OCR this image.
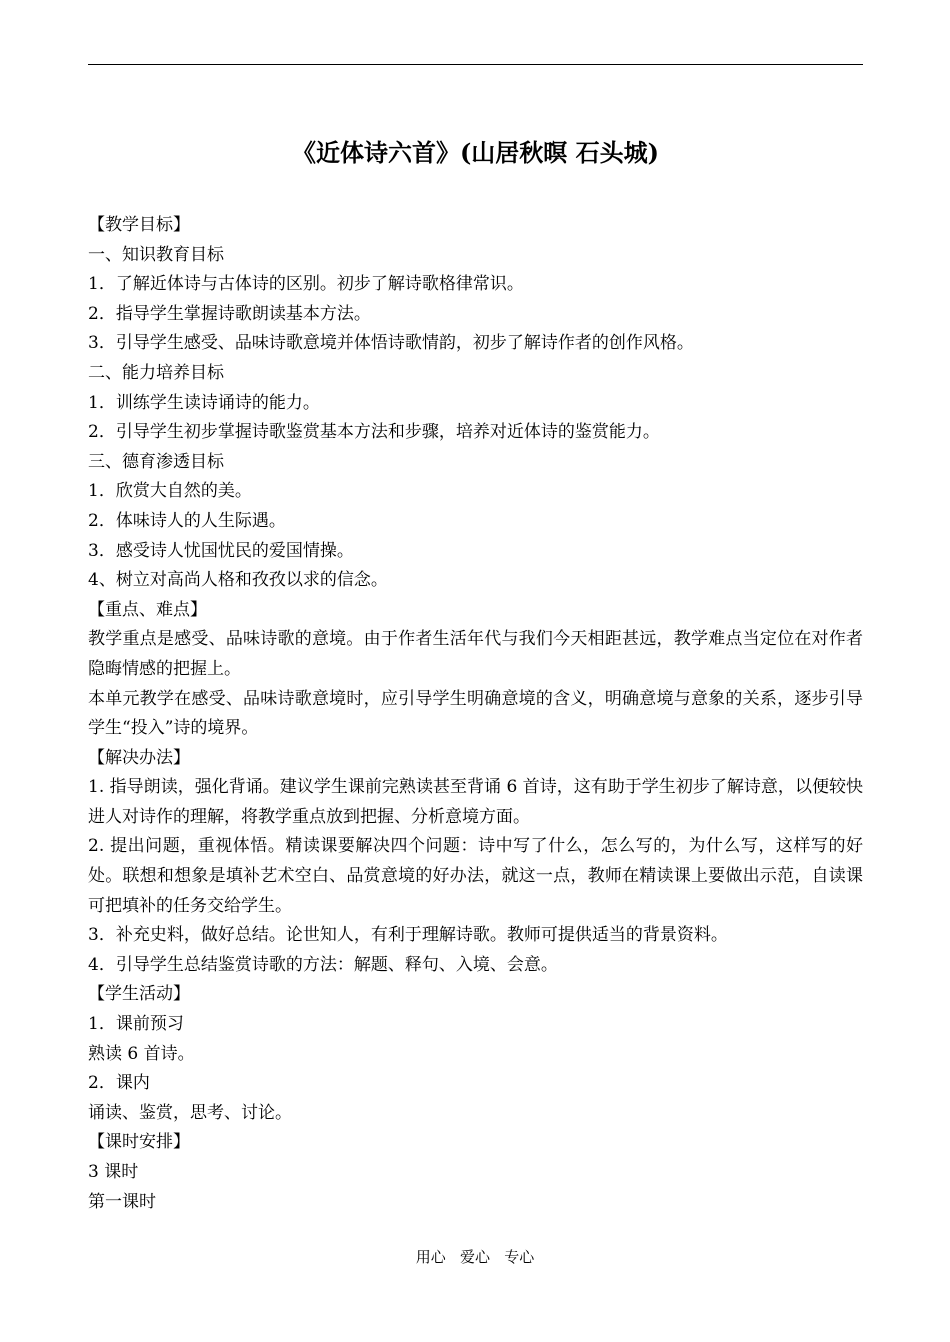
《近体诗六首》(山居秋暝 石头城)
【教学目标】
一、知识教育目标
1．了解近体诗与古体诗的区别。初步了解诗歌格律常识。
2．指导学生掌握诗歌朗读基本方法。
3．引导学生感受、品味诗歌意境并体悟诗歌情韵，初步了解诗作者的创作风格。
二、能力培养目标
1．训练学生读诗诵诗的能力。
2．引导学生初步掌握诗歌鉴赏基本方法和步骤，培养对近体诗的鉴赏能力。
三、德育渗透目标
1．欣赏大自然的美。
2．体味诗人的人生际遇。
3．感受诗人忧国忧民的爱国情操。
4、树立对高尚人格和孜孜以求的信念。
【重点、难点】
教学重点是感受、品味诗歌的意境。由于作者生活年代与我们今天相距甚远，教学难点当定位在对作者隐晦情感的把握上。
本单元教学在感受、品味诗歌意境时，应引导学生明确意境的含义，明确意境与意象的关系，逐步引导学生“投入”诗的境界。
【解决办法】
1. 指导朗读，强化背诵。建议学生课前完熟读甚至背诵 6 首诗，这有助于学生初步了解诗意，以便较快进人对诗作的理解，将教学重点放到把握、分析意境方面。
2. 提出问题，重视体悟。精读课要解决四个问题：诗中写了什么，怎么写的，为什么写，这样写的好处。联想和想象是填补艺术空白、品赏意境的好办法，就这一点，教师在精读课上要做出示范，自读课可把填补的任务交给学生。
3．补充史料，做好总结。论世知人，有利于理解诗歌。教师可提供适当的背景资料。
4．引导学生总结鉴赏诗歌的方法：解题、释句、入境、会意。
【学生活动】
1．课前预习
熟读 6 首诗。
2．课内
诵读、鉴赏，思考、讨论。
【课时安排】
3 课时
第一课时
用心   爱心   专心
